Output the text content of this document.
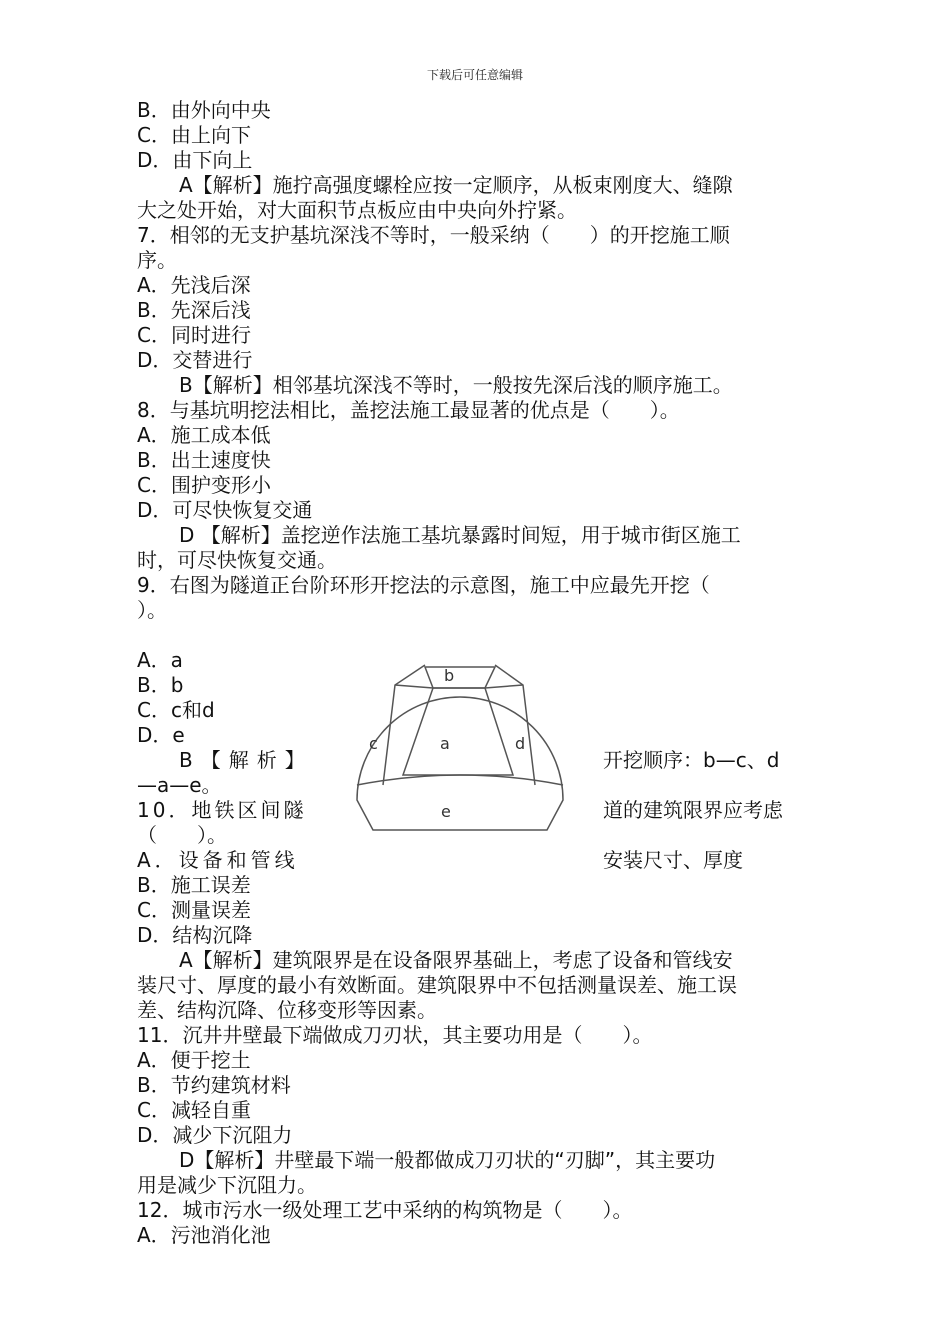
下载后可任意编辑
B．由外向中央
C．由上向下
D．由下向上
A【解析】施拧高强度螺栓应按一定顺序，从板束刚度大、缝隙
大之处开始，对大面积节点板应由中央向外拧紧。
7．相邻的无支护基坑深浅不等时，一般采纳（　　）的开挖施工顺
序。
A．先浅后深
B．先深后浅
C．同时进行
D．交替进行
B【解析】相邻基坑深浅不等时，一般按先深后浅的顺序施工。
8．与基坑明挖法相比，盖挖法施工最显著的优点是（　　）。
A．施工成本低
B．出土速度快
C．围护变形小
D．可尽快恢复交通
D 【解析】盖挖逆作法施工基坑暴露时间短，用于城市街区施工
时，可尽快恢复交通。
9．右图为隧道正台阶环形开挖法的示意图，施工中应最先开挖（
）。
A．a
B．b
C．c和d
D．e
B【解析】	开挖顺序：b—c、d
—a—e。
10．地铁区间隧	道的建筑限界应考虑
（　　）。
A．设备和管线	安装尺寸、厚度
B．施工误差
C．测量误差
D．结构沉降
A【解析】建筑限界是在设备限界基础上，考虑了设备和管线安
装尺寸、厚度的最小有效断面。建筑限界中不包括测量误差、施工误
差、结构沉降、位移变形等因素。
11．沉井井壁最下端做成刀刃状，其主要功用是（　　）。
A．便于挖土
B．节约建筑材料
C．减轻自重
D．减少下沉阻力
D【解析】井壁最下端一般都做成刀刃状的“刃脚”，其主要功
用是减少下沉阻力。
12．城市污水一级处理工艺中采纳的构筑物是（　　）。
A．污池消化池
b
a
c	d
e
